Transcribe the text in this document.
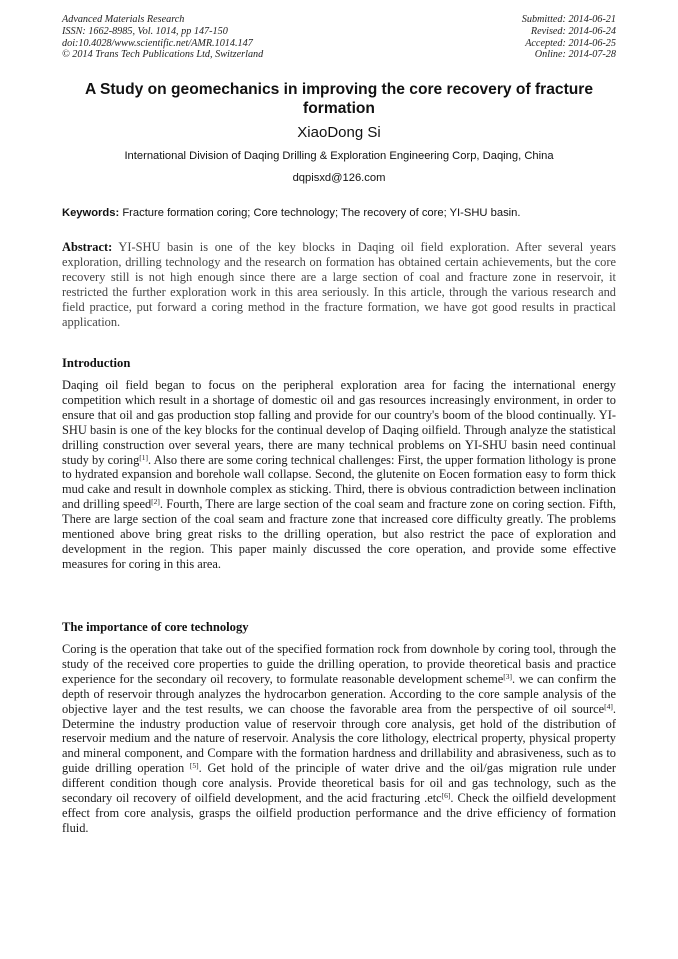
Advanced Materials Research
ISSN: 1662-8985, Vol. 1014, pp 147-150
doi:10.4028/www.scientific.net/AMR.1014.147
© 2014 Trans Tech Publications Ltd, Switzerland
Submitted: 2014-06-21
Revised: 2014-06-24
Accepted: 2014-06-25
Online: 2014-07-28
A Study on geomechanics in improving the core recovery of fracture formation
XiaoDong Si
International Division of Daqing Drilling & Exploration Engineering Corp, Daqing, China
dqpisxd@126.com
Keywords: Fracture formation coring; Core technology; The recovery of core; YI-SHU basin.
Abstract: YI-SHU basin is one of the key blocks in Daqing oil field exploration. After several years exploration, drilling technology and the research on formation has obtained certain achievements, but the core recovery still is not high enough since there are a large section of coal and fracture zone in reservoir, it restricted the further exploration work in this area seriously. In this article, through the various research and field practice, put forward a coring method in the fracture formation, we have got good results in practical application.
Introduction
Daqing oil field began to focus on the peripheral exploration area for facing the international energy competition which result in a shortage of domestic oil and gas resources increasingly environment, in order to ensure that oil and gas production stop falling and provide for our country's boom of the blood continually. YI-SHU basin is one of the key blocks for the continual develop of Daqing oilfield. Through analyze the statistical drilling construction over several years, there are many technical problems on YI-SHU basin need continual study by coring[1]. Also there are some coring technical challenges: First, the upper formation lithology is prone to hydrated expansion and borehole wall collapse. Second, the glutenite on Eocen formation easy to form thick mud cake and result in downhole complex as sticking. Third, there is obvious contradiction between inclination and drilling speed[2]. Fourth, There are large section of the coal seam and fracture zone on coring section. Fifth, There are large section of the coal seam and fracture zone that increased core difficulty greatly. The problems mentioned above bring great risks to the drilling operation, but also restrict the pace of exploration and development in the region. This paper mainly discussed the core operation, and provide some effective measures for coring in this area.
The importance of core technology
Coring is the operation that take out of the specified formation rock from downhole by coring tool, through the study of the received core properties to guide the drilling operation, to provide theoretical basis and practice experience for the secondary oil recovery, to formulate reasonable development scheme[3]. we can confirm the depth of reservoir through analyzes the hydrocarbon generation. According to the core sample analysis of the objective layer and the test results, we can choose the favorable area from the perspective of oil source[4]. Determine the industry production value of reservoir through core analysis, get hold of the distribution of reservoir medium and the nature of reservoir. Analysis the core lithology, electrical property, physical property and mineral component, and Compare with the formation hardness and drillability and abrasiveness, such as to guide drilling operation [5]. Get hold of the principle of water drive and the oil/gas migration rule under different condition though core analysis. Provide theoretical basis for oil and gas technology, such as the secondary oil recovery of oilfield development, and the acid fracturing .etc[6]. Check the oilfield development effect from core analysis, grasps the oilfield production performance and the drive efficiency of formation fluid.
